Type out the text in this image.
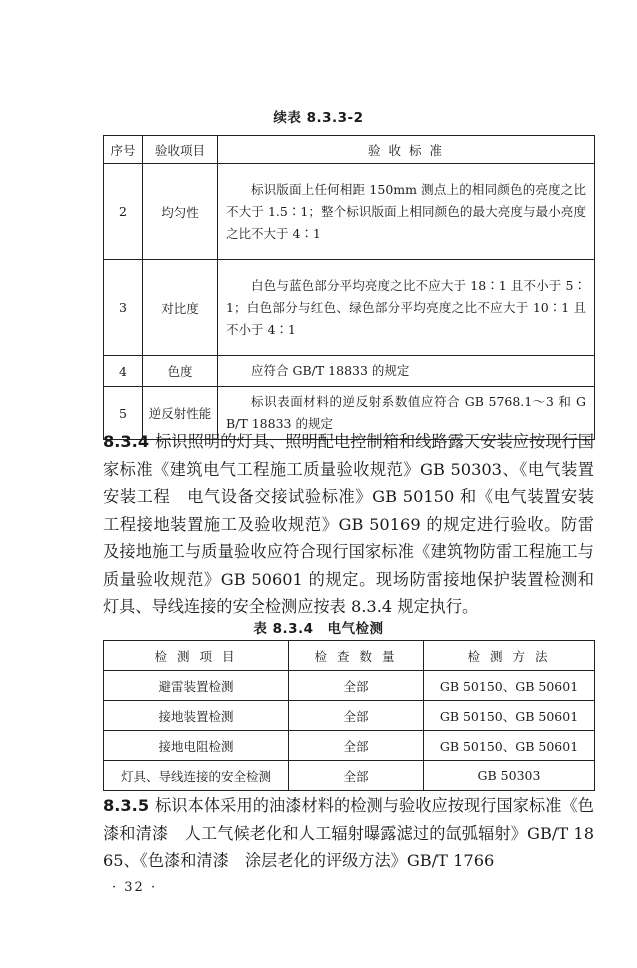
续表 8.3.3-2
序号	验收项目	验 收 标 准
2	均匀性	标识版面上任何相距 150mm 测点上的相同颜色的亮度之比不大于 1.5∶1；整个标识版面上相同颜色的最大亮度与最小亮度之比不大于 4∶1
3	对比度	白色与蓝色部分平均亮度之比不应大于 18∶1 且不小于 5∶1；白色部分与红色、绿色部分平均亮度之比不应大于 10∶1 且不小于 4∶1
4	色度	应符合 GB/T 18833 的规定
5	逆反射性能	标识表面材料的逆反射系数值应符合 GB 5768.1～3 和 GB/T 18833 的规定

8.3.4 标识照明的灯具、照明配电控制箱和线路露天安装应按现行国家标准《建筑电气工程施工质量验收规范》GB 50303、《电气装置安装工程　电气设备交接试验标准》GB 50150 和《电气装置安装工程接地装置施工及验收规范》GB 50169 的规定进行验收。防雷及接地施工与质量验收应符合现行国家标准《建筑物防雷工程施工与质量验收规范》GB 50601 的规定。现场防雷接地保护装置检测和灯具、导线连接的安全检测应按表 8.3.4 规定执行。

表 8.3.4　电气检测
检 测 项 目	检 查 数 量	检 测 方 法
避雷装置检测	全部	GB 50150、GB 50601
接地装置检测	全部	GB 50150、GB 50601
接地电阻检测	全部	GB 50150、GB 50601
灯具、导线连接的安全检测	全部	GB 50303

8.3.5 标识本体采用的油漆材料的检测与验收应按现行国家标准《色漆和清漆　人工气候老化和人工辐射曝露滤过的氙弧辐射》GB/T 1865、《色漆和清漆　涂层老化的评级方法》GB/T 1766

· 32 ·
